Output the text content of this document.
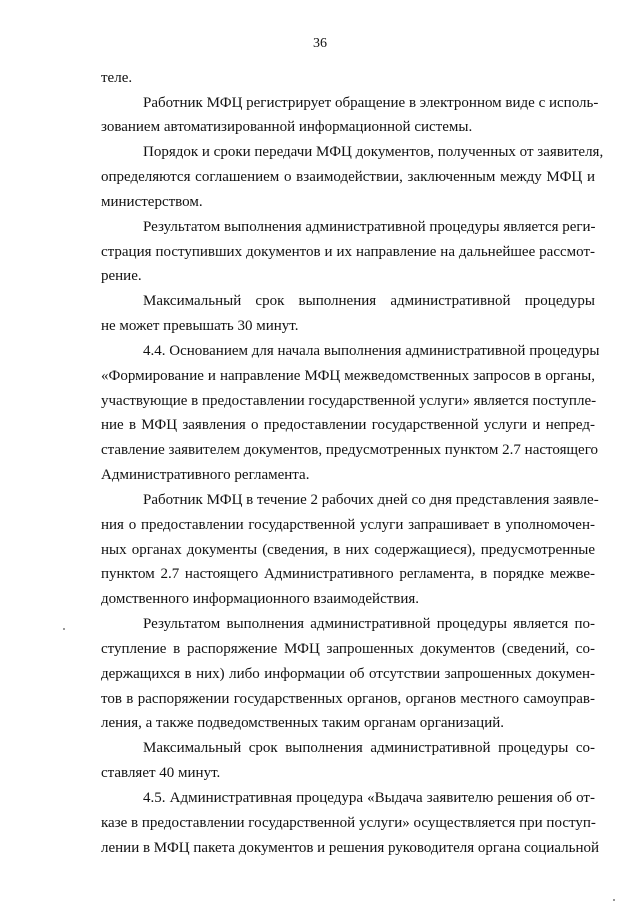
36
теле.
Работник МФЦ регистрирует обращение в электронном виде с исполь-
зованием автоматизированной информационной системы.
Порядок и сроки передачи МФЦ документов, полученных от заявителя,
определяются соглашением о взаимодействии, заключенным между МФЦ и
министерством.
Результатом выполнения административной процедуры является реги-
страция поступивших документов и их направление на дальнейшее рассмот-
рение.
Максимальный срок выполнения административной процедуры
не может превышать 30 минут.
4.4. Основанием для начала выполнения административной процедуры
«Формирование и направление МФЦ межведомственных запросов в органы,
участвующие в предоставлении государственной услуги» является поступле-
ние в МФЦ заявления о предоставлении государственной услуги и непред-
ставление заявителем документов, предусмотренных пунктом 2.7 настоящего
Административного регламента.
Работник МФЦ в течение 2 рабочих дней со дня представления заявле-
ния о предоставлении государственной услуги запрашивает в уполномочен-
ных органах документы (сведения, в них содержащиеся), предусмотренные
пунктом 2.7 настоящего Административного регламента, в порядке межве-
домственного информационного взаимодействия.
Результатом выполнения административной процедуры является по-
ступление в распоряжение МФЦ запрошенных документов (сведений, со-
держащихся в них) либо информации об отсутствии запрошенных докумен-
тов в распоряжении государственных органов, органов местного самоуправ-
ления, а также подведомственных таким органам организаций.
Максимальный срок выполнения административной процедуры со-
ставляет 40 минут.
4.5. Административная процедура «Выдача заявителю решения об от-
казе в предоставлении государственной услуги» осуществляется при поступ-
лении в МФЦ пакета документов и решения руководителя органа социальной
